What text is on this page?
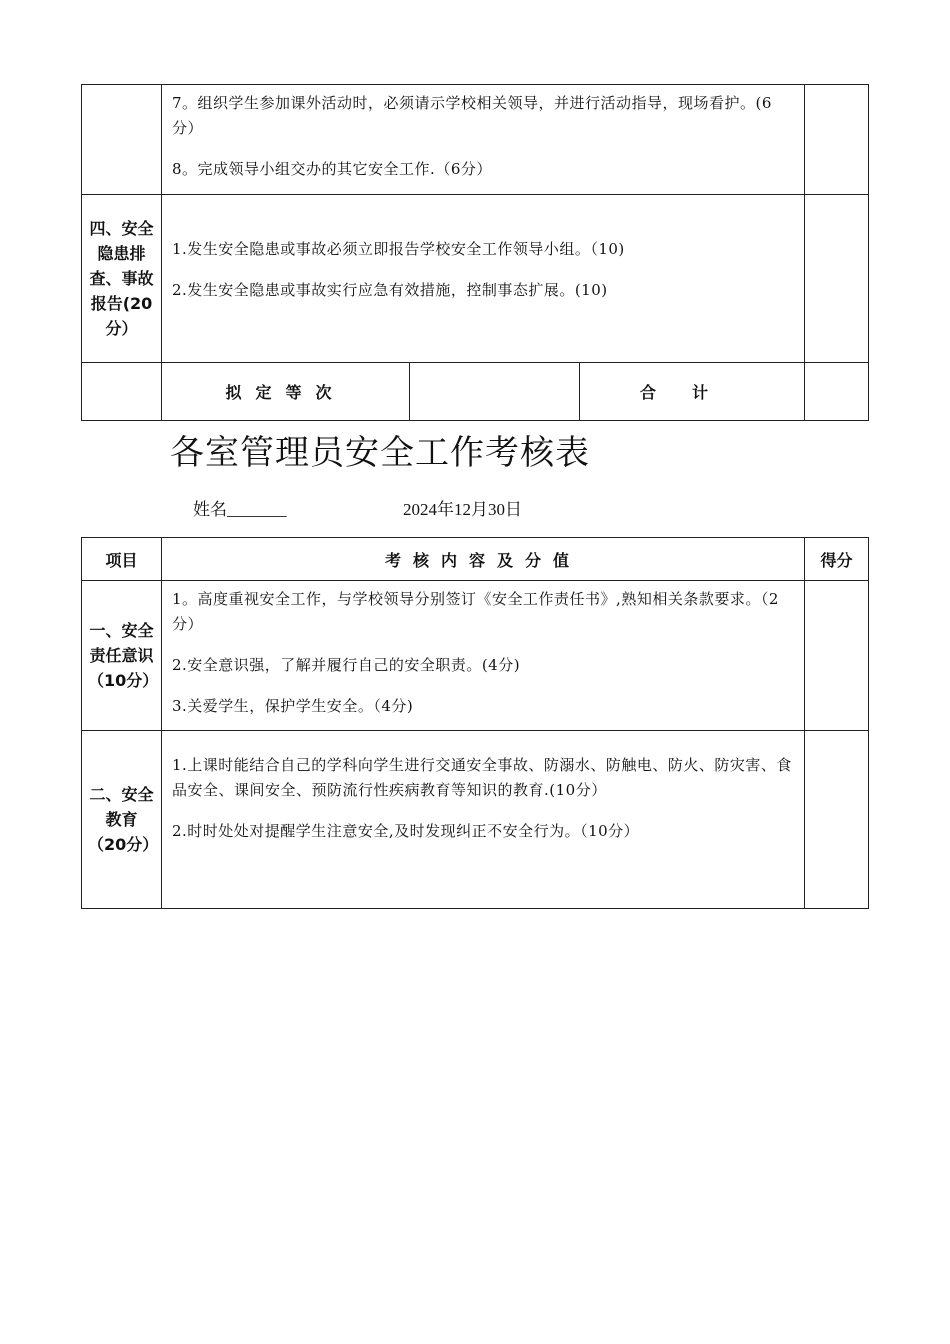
	7。组织学生参加课外活动时，必须请示学校相关领导，并进行活动指导，现场看护。(6分）

8。完成领导小组交办的其它安全工作.（6分）			

四、安全隐患排查、事故报告(20分）	1.发生安全隐患或事故必须立即报告学校安全工作领导小组。（10)

2.发生安全隐患或事故实行应急有效措施，控制事态扩展。(10)			

	拟定等次		合计	
各室管理员安全工作考核表
姓名_______	2024年12月30日
项目	考核内容及分值	得分
一、安全责任意识（10分）	1。高度重视安全工作，与学校领导分别签订《安全工作责任书》,熟知相关条款要求。（2分）

2.安全意识强，了解并履行自己的安全职责。(4分)

3.关爱学生，保护学生安全。（4分)	

二、安全教育（20分）	1.上课时能结合自己的学科向学生进行交通安全事故、防溺水、防触电、防火、防灾害、食品安全、课间安全、预防流行性疾病教育等知识的教育.(10分）

2.时时处处对提醒学生注意安全,及时发现纠正不安全行为。（10分）	
